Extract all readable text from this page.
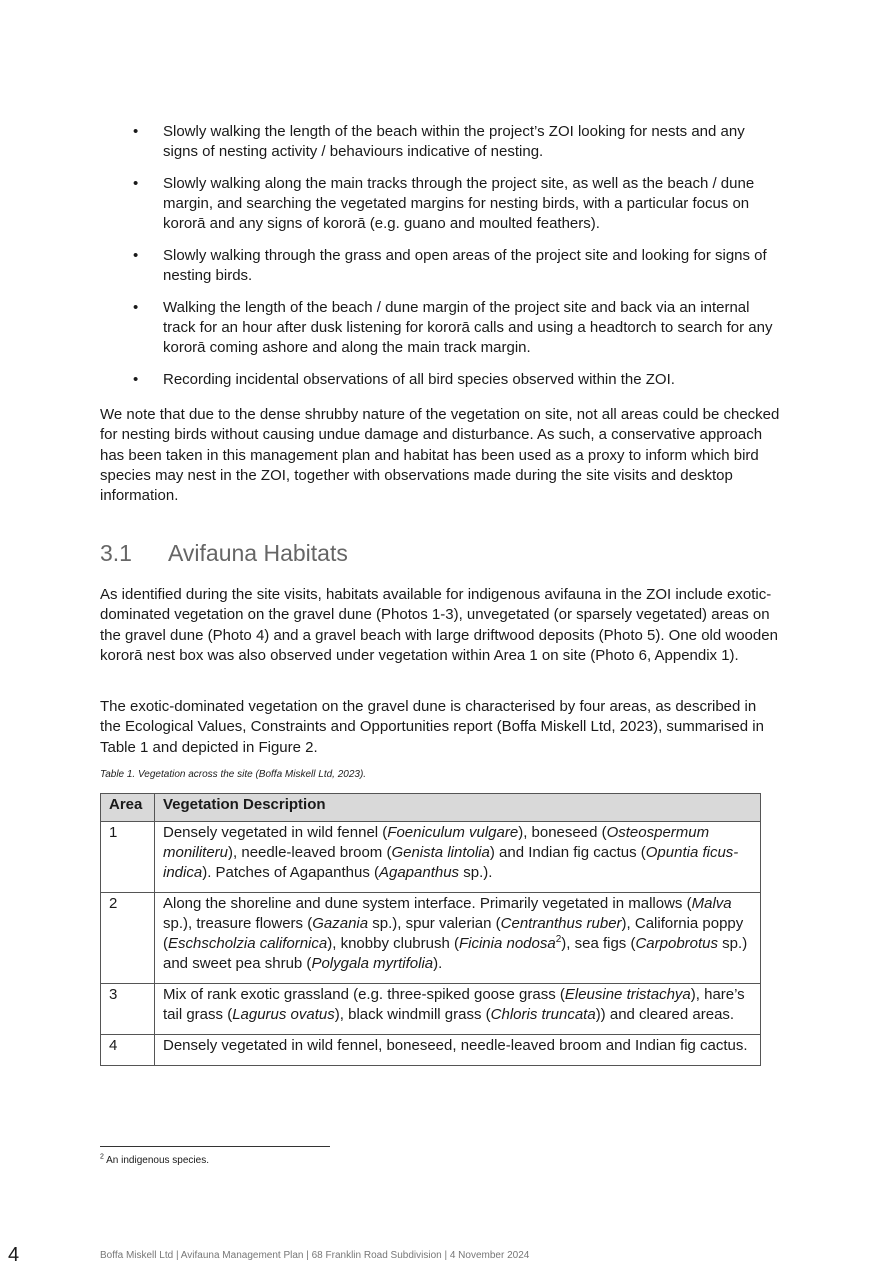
• Slowly walking the length of the beach within the project’s ZOI looking for nests and any signs of nesting activity / behaviours indicative of nesting.
• Slowly walking along the main tracks through the project site, as well as the beach / dune margin, and searching the vegetated margins for nesting birds, with a particular focus on kororā and any signs of kororā (e.g. guano and moulted feathers).
• Slowly walking through the grass and open areas of the project site and looking for signs of nesting birds.
• Walking the length of the beach / dune margin of the project site and back via an internal track for an hour after dusk listening for kororā calls and using a headtorch to search for any kororā coming ashore and along the main track margin.
• Recording incidental observations of all bird species observed within the ZOI.

We note that due to the dense shrubby nature of the vegetation on site, not all areas could be checked for nesting birds without causing undue damage and disturbance. As such, a conservative approach has been taken in this management plan and habitat has been used as a proxy to inform which bird species may nest in the ZOI, together with observations made during the site visits and desktop information.

3.1 Avifauna Habitats

As identified during the site visits, habitats available for indigenous avifauna in the ZOI include exotic-dominated vegetation on the gravel dune (Photos 1-3), unvegetated (or sparsely vegetated) areas on the gravel dune (Photo 4) and a gravel beach with large driftwood deposits (Photo 5). One old wooden kororā nest box was also observed under vegetation within Area 1 on site (Photo 6, Appendix 1).

The exotic-dominated vegetation on the gravel dune is characterised by four areas, as described in the Ecological Values, Constraints and Opportunities report (Boffa Miskell Ltd, 2023), summarised in Table 1 and depicted in Figure 2.

Table 1. Vegetation across the site (Boffa Miskell Ltd, 2023).
Area	Vegetation Description
1	Densely vegetated in wild fennel (Foeniculum vulgare), boneseed (Osteospermum moniliteru), needle-leaved broom (Genista lintolia) and Indian fig cactus (Opuntia ficus-indica). Patches of Agapanthus (Agapanthus sp.).
2	Along the shoreline and dune system interface. Primarily vegetated in mallows (Malva sp.), treasure flowers (Gazania sp.), spur valerian (Centranthus ruber), California poppy (Eschscholzia californica), knobby clubrush (Ficinia nodosa$^2$), sea figs (Carpobrotus sp.) and sweet pea shrub (Polygala myrtifolia).
3	Mix of rank exotic grassland (e.g. three-spiked goose grass (Eleusine tristachya), hare’s tail grass (Lagurus ovatus), black windmill grass (Chloris truncata)) and cleared areas.
4	Densely vegetated in wild fennel, boneseed, needle-leaved broom and Indian fig cactus.
$^2$ An indigenous species.
4	Boffa Miskell Ltd | Avifauna Management Plan | 68 Franklin Road Subdivision | 4 November 2024
